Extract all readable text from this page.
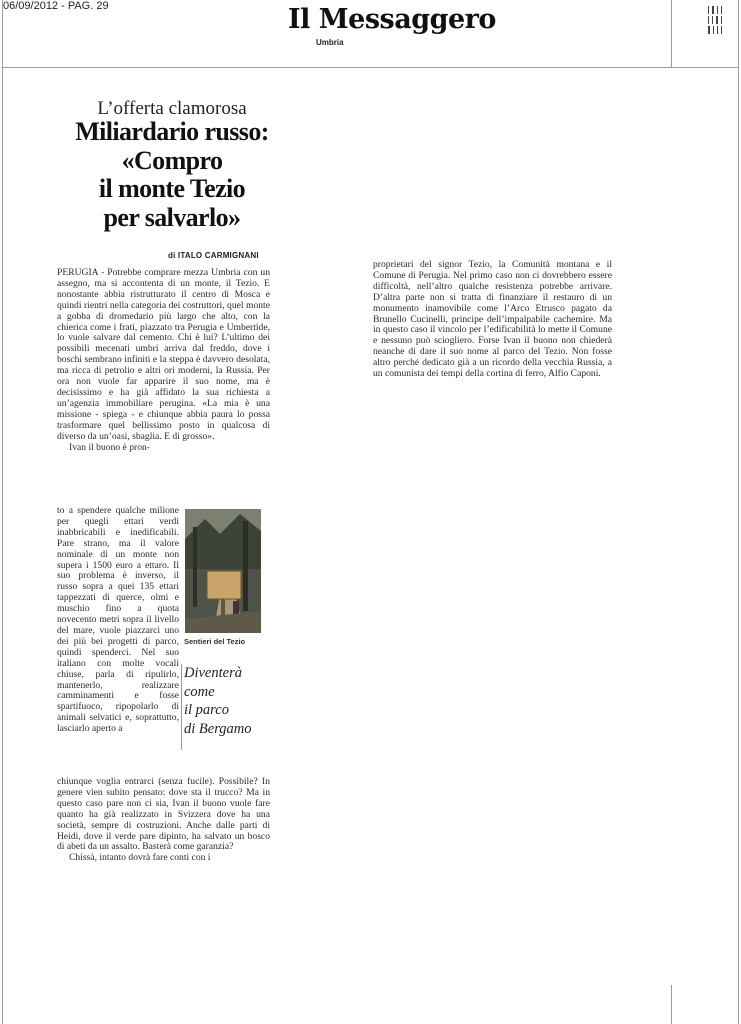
06/09/2012 - PAG. 29	Il Messaggero
Umbria
L’offerta clamorosa
Miliardario russo:
«Compro
il monte Tezio
per salvarlo»
di ITALO CARMIGNANI

PERUGIA - Potrebbe comprare mezza Umbria con un assegno, ma si accontenta di un monte, il Tezio. E nonostante abbia ristrutturato il centro di Mosca e quindi rientri nella categoria dei costruttori, quel monte a gobba di dromedario più largo che alto, con la chierica come i frati, piazzato tra Perugia e Umbertide, lo vuole salvare dal cemento. Chi è lui? L’ultimo dei possibili mecenati umbri arriva dal freddo, dove i boschi sembrano infiniti e la steppa è davvero desolata, ma ricca di petrolio e altri ori moderni, la Russia. Per ora non vuole far apparire il suo nome, ma è decisissimo e ha già affidato la sua richiesta a un’agenzia immobiliare perugina. «La mia è una missione - spiega - e chiunque abbia paura lo possa trasformare quel bellissimo posto in qualcosa di diverso da un’oasi, sbaglia. E di grosso».

Ivan il buono è pron-

to a spendere qualche milione per quegli ettari verdi inabbricabili e inedificabili. Pare strano, ma il valore nominale di un monte non supera i 1500 euro a ettaro. Il suo problema è inverso, il russo sopra a quei 135 ettari tappezzati di querce, olmi e muschio fino a quota novecento metri sopra il livello del mare, vuole piazzarci uno dei più bei progetti di parco, quindi spenderci. Nel suo italiano con molte vocali chiuse, parla di ripulirlo, mantenerlo, realizzare camminamenti e fosse spartifuoco, ripopolarlo di animali selvatici e, soprattutto, lasciarlo aperto a

Sentieri del Tezio
Diventerà
come
il parco
di Bergamo

chiunque voglia entrarci (senza fucile). Possibile? In genere vien subito pensato: dove sta il trucco? Ma in questo caso pare non ci sia, Ivan il buono vuole fare quanto ha già realizzato in Svizzera dove ha una società, sempre di costruzioni. Anche dalle parti di Heidi, dove il verde pare dipinto, ha salvato un bosco di abeti da un assalto. Basterà come garanzia?

Chissà, intanto dovrà fare conti con i

proprietari del signor Tezio, la Comunità montana e il Comune di Perugia. Nel primo caso non ci dovrebbero essere difficoltà, nell’altro qualche resistenza potrebbe arrivare. D’altra parte non si tratta di finanziare il restauro di un monumento inamovibile come l’Arco Etrusco pagato da Brunello Cucinelli, principe dell’impalpabile cachemire. Ma in questo caso il vincolo per l’edificabilità lo mette il Comune e nessuno può sciogliero. Forse Ivan il buono non chiederà neanche di dare il suo nome al parco del Tezio. Non fosse altro perché dedicato già a un ricordo della vecchia Russia, a un comunista dei tempi della cortina di ferro, Alfio Caponi.
